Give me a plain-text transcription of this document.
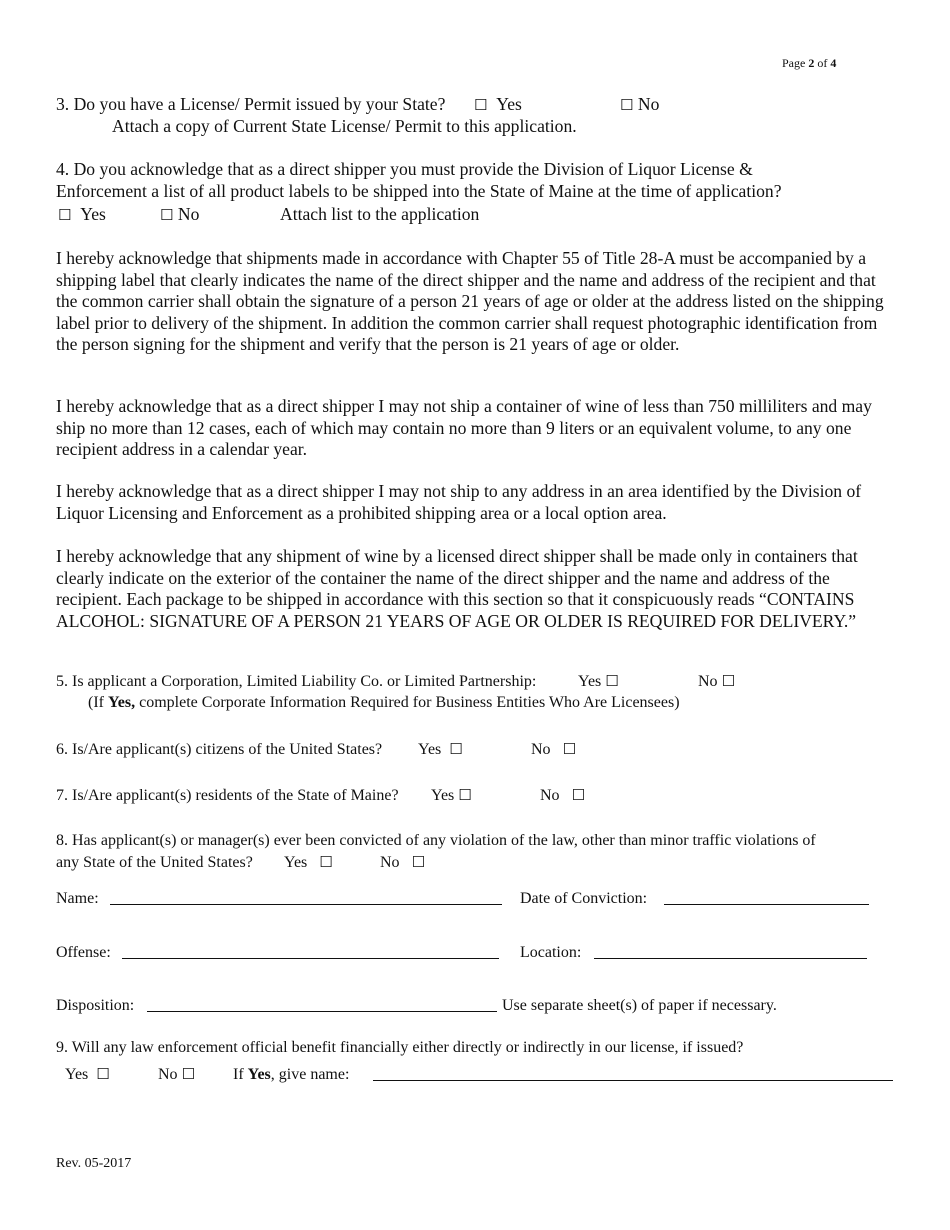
Page 2 of 4
3. Do you have a License/ Permit issued by your State? ☐ Yes	☐ No
Attach a copy of Current State License/ Permit to this application.
4. Do you acknowledge that as a direct shipper you must provide the Division of Liquor License &
Enforcement a list of all product labels to be shipped into the State of Maine at the time of application?
☐ Yes	☐ No	Attach list to the application
I hereby acknowledge that shipments made in accordance with Chapter 55 of Title 28-A must be accompanied by a shipping label that clearly indicates the name of the direct shipper and the name and address of the recipient and that the common carrier shall obtain the signature of a person 21 years of age or older at the address listed on the shipping label prior to delivery of the shipment. In addition the common carrier shall request photographic identification from the person signing for the shipment and verify that the person is 21 years of age or older.
I hereby acknowledge that as a direct shipper I may not ship a container of wine of less than 750 milliliters and may ship no more than 12 cases, each of which may contain no more than 9 liters or an equivalent volume, to any one recipient address in a calendar year.
I hereby acknowledge that as a direct shipper I may not ship to any address in an area identified by the Division of Liquor Licensing and Enforcement as a prohibited shipping area or a local option area.
I hereby acknowledge that any shipment of wine by a licensed direct shipper shall be made only in containers that clearly indicate on the exterior of the container the name of the direct shipper and the name and address of the recipient. Each package to be shipped in accordance with this section so that it conspicuously reads “CONTAINS ALCOHOL: SIGNATURE OF A PERSON 21 YEARS OF AGE OR OLDER IS REQUIRED FOR DELIVERY.”
5. Is applicant a Corporation, Limited Liability Co. or Limited Partnership:	Yes ☐	No ☐
(If Yes, complete Corporate Information Required for Business Entities Who Are Licensees)
6. Is/Are applicant(s) citizens of the United States? Yes ☐	No ☐
7. Is/Are applicant(s) residents of the State of Maine? Yes ☐	No ☐
8. Has applicant(s) or manager(s) ever been convicted of any violation of the law, other than minor traffic violations of
any State of the United States? Yes ☐	No ☐
Name:	Date of Conviction:
Offense:	Location:
Disposition:	Use separate sheet(s) of paper if necessary.
9. Will any law enforcement official benefit financially either directly or indirectly in our license, if issued?
Yes ☐	No ☐ If Yes, give name:
Rev. 05-2017
